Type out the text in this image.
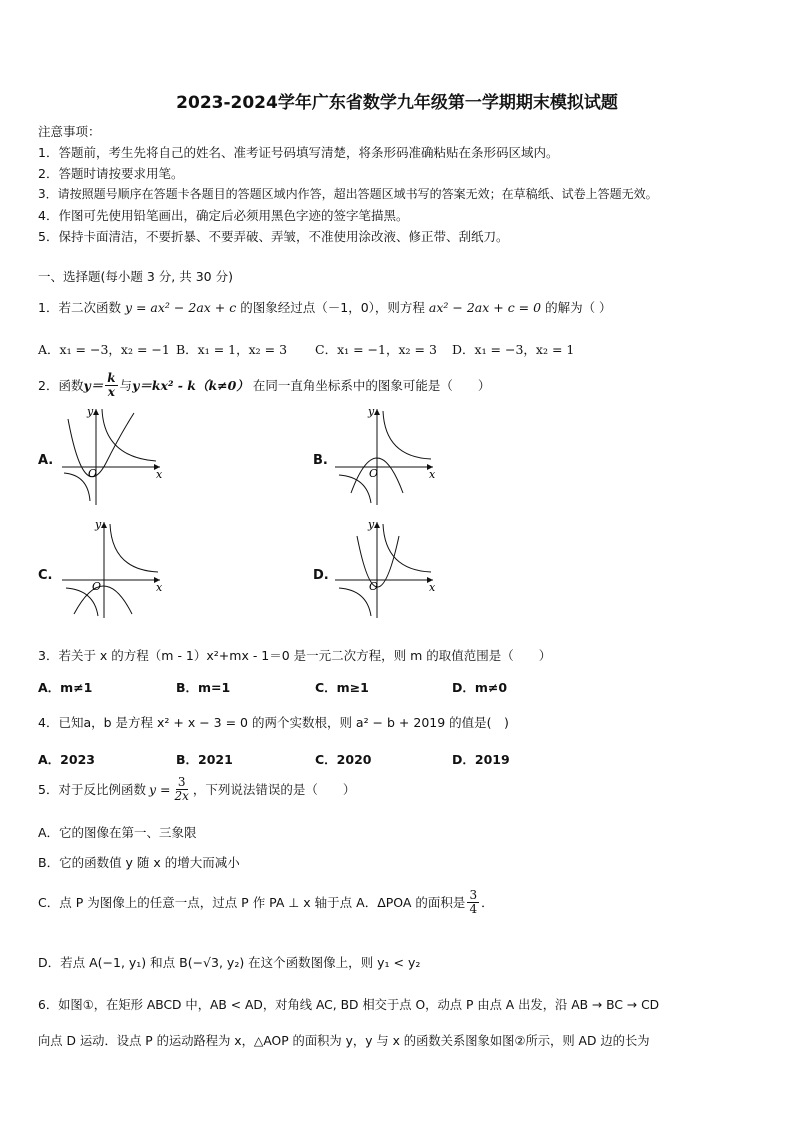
2023-2024学年广东省数学九年级第一学期期末模拟试题
注意事项：
1．答题前，考生先将自己的姓名、准考证号码填写清楚，将条形码准确粘贴在条形码区域内。
2．答题时请按要求用笔。
3．请按照题号顺序在答题卡各题目的答题区域内作答，超出答题区域书写的答案无效；在草稿纸、试卷上答题无效。
4．作图可先使用铅笔画出，确定后必须用黑色字迹的签字笔描黑。
5．保持卡面清洁，不要折暴、不要弄破、弄皱，不准使用涂改液、修正带、刮纸刀。
一、选择题(每小题 3 分, 共 30 分)
1．若二次函数 y = ax² − 2ax + c 的图象经过点（－1，0），则方程 ax² − 2ax + c = 0 的解为（ ）
A．x₁ = −3，x₂ = −1 B．x₁ = 1，x₂ = 3 C．x₁ = −1，x₂ = 3 D．x₁ = −3，x₂ = 1
2．函数 $y= \frac{k}{x}$ 与 y＝kx² - k（k≠0） 在同一直角坐标系中的图象可能是（　　）
A.	B.
C.	D.
x
y
O	x
y
O
x
y
O	x
y
O
3．若关于 x 的方程（m - 1）x²+mx - 1＝0 是一元二次方程，则 m 的取值范围是（　　）
A．m≠1	B．m=1	C．m≥1	D．m≠0
4．已知a，b 是方程 x² + x − 3 = 0 的两个实数根，则 a² − b + 2019 的值是(　)
A．2023	B．2021	C．2020	D．2019
5．对于反比例函数 $y = \frac{3}{2x}$ ，下列说法错误的是（　　）
A．它的图像在第一、三象限
B．它的函数值 y 随 x 的增大而减小
C．点 P 为图像上的任意一点，过点 P 作 PA ⊥ x 轴于点 A．ΔPOA 的面积是 $\frac{3}{4}$ ．
D．若点 A(−1, y₁) 和点 B(−√3, y₂) 在这个函数图像上，则 y₁ < y₂
6．如图①，在矩形 ABCD 中，AB < AD，对角线 AC, BD 相交于点 O，动点 P 由点 A 出发，沿 AB → BC → CD
向点 D 运动．设点 P 的运动路程为 x，△AOP 的面积为 y，y 与 x 的函数关系图象如图②所示，则 AD 边的长为
